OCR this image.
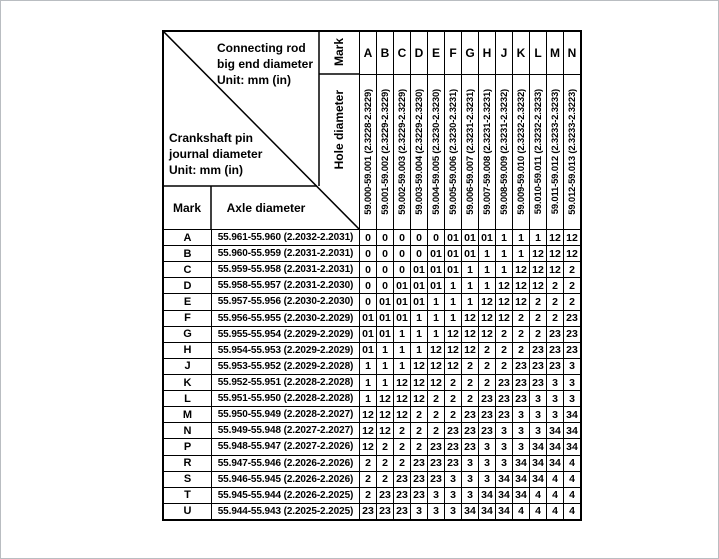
Connecting rod
big end diameter
Unit: mm (in)
Crankshaft pin
journal diameter
Unit: mm (in)
Mark
Hole diameter
Mark	Axle diameter
A	B	C	D	E	F	G	H	J	K	L	M	N
59.000-59.001 (2.3228-2.3229)	59.001-59.002 (2.3229-2.3229)	59.002-59.003 (2.3229-2.3229)	59.003-59.004 (2.3229-2.3230)	59.004-59.005 (2.3230-2.3230)	59.005-59.006 (2.3230-2.3231)	59.006-59.007 (2.3231-2.3231)	59.007-59.008 (2.3231-2.3231)	59.008-59.009 (2.3231-2.3232)	59.009-59.010 (2.3232-2.3232)	59.010-59.011 (2.3232-2.3233)	59.011-59.012 (2.3233-2.3233)	59.012-59.013 (2.3233-2.3223)
A	55.961-55.960 (2.2032-2.2031)	0	0	0	0	0	01	01	01	1	1	1	12	12
B	55.960-55.959 (2.2031-2.2031)	0	0	0	0	01	01	01	1	1	1	12	12	12
C	55.959-55.958 (2.2031-2.2031)	0	0	0	01	01	01	1	1	1	12	12	12	2
D	55.958-55.957 (2.2031-2.2030)	0	0	01	01	01	1	1	1	12	12	12	2	2
E	55.957-55.956 (2.2030-2.2030)	0	01	01	01	1	1	1	12	12	12	2	2	2
F	55.956-55.955 (2.2030-2.2029)	01	01	01	1	1	1	12	12	12	2	2	2	23
G	55.955-55.954 (2.2029-2.2029)	01	01	1	1	1	12	12	12	2	2	2	23	23
H	55.954-55.953 (2.2029-2.2029)	01	1	1	1	12	12	12	2	2	2	23	23	23
J	55.953-55.952 (2.2029-2.2028)	1	1	1	12	12	12	2	2	2	23	23	23	3
K	55.952-55.951 (2.2028-2.2028)	1	1	12	12	12	2	2	2	23	23	23	3	3
L	55.951-55.950 (2.2028-2.2028)	1	12	12	12	2	2	2	23	23	23	3	3	3
M	55.950-55.949 (2.2028-2.2027)	12	12	12	2	2	2	23	23	23	3	3	3	34
N	55.949-55.948 (2.2027-2.2027)	12	12	2	2	2	23	23	23	3	3	3	34	34
P	55.948-55.947 (2.2027-2.2026)	12	2	2	2	23	23	23	3	3	3	34	34	34
R	55.947-55.946 (2.2026-2.2026)	2	2	2	23	23	23	3	3	3	34	34	34	4
S	55.946-55.945 (2.2026-2.2026)	2	2	23	23	23	3	3	3	34	34	34	4	4
T	55.945-55.944 (2.2026-2.2025)	2	23	23	23	3	3	3	34	34	34	4	4	4
U	55.944-55.943 (2.2025-2.2025)	23	23	23	3	3	3	34	34	34	4	4	4	4
